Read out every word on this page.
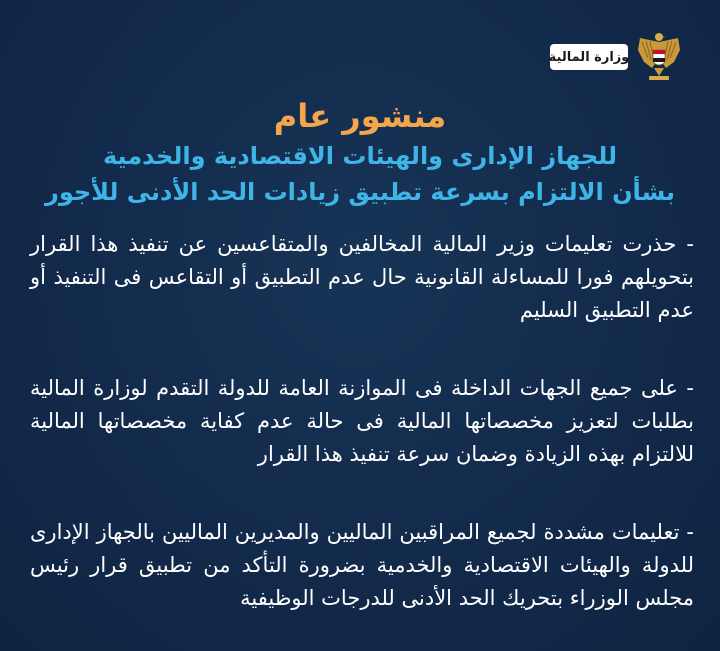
وزارة المالية
منشور عام
للجهاز الإدارى والهيئات الاقتصادية والخدمية
بشأن الالتزام بسرعة تطبيق زيادات الحد الأدنى للأجور

- حذرت تعليمات وزير المالية المخالفين والمتقاعسين عن تنفيذ هذا القرار بتحويلهم فورا للمساءلة القانونية حال عدم التطبيق أو التقاعس فى التنفيذ أو عدم التطبيق السليم

- على جميع الجهات الداخلة فى الموازنة العامة للدولة التقدم لوزارة المالية بطلبات لتعزيز مخصصاتها المالية فى حالة عدم كفاية مخصصاتها المالية للالتزام بهذه الزيادة وضمان سرعة تنفيذ هذا القرار

- تعليمات مشددة لجميع المراقبين الماليين والمديرين الماليين بالجهاز الإدارى للدولة والهيئات الاقتصادية والخدمية بضرورة التأكد من تطبيق قرار رئيس مجلس الوزراء بتحريك الحد الأدنى للدرجات الوظيفية
